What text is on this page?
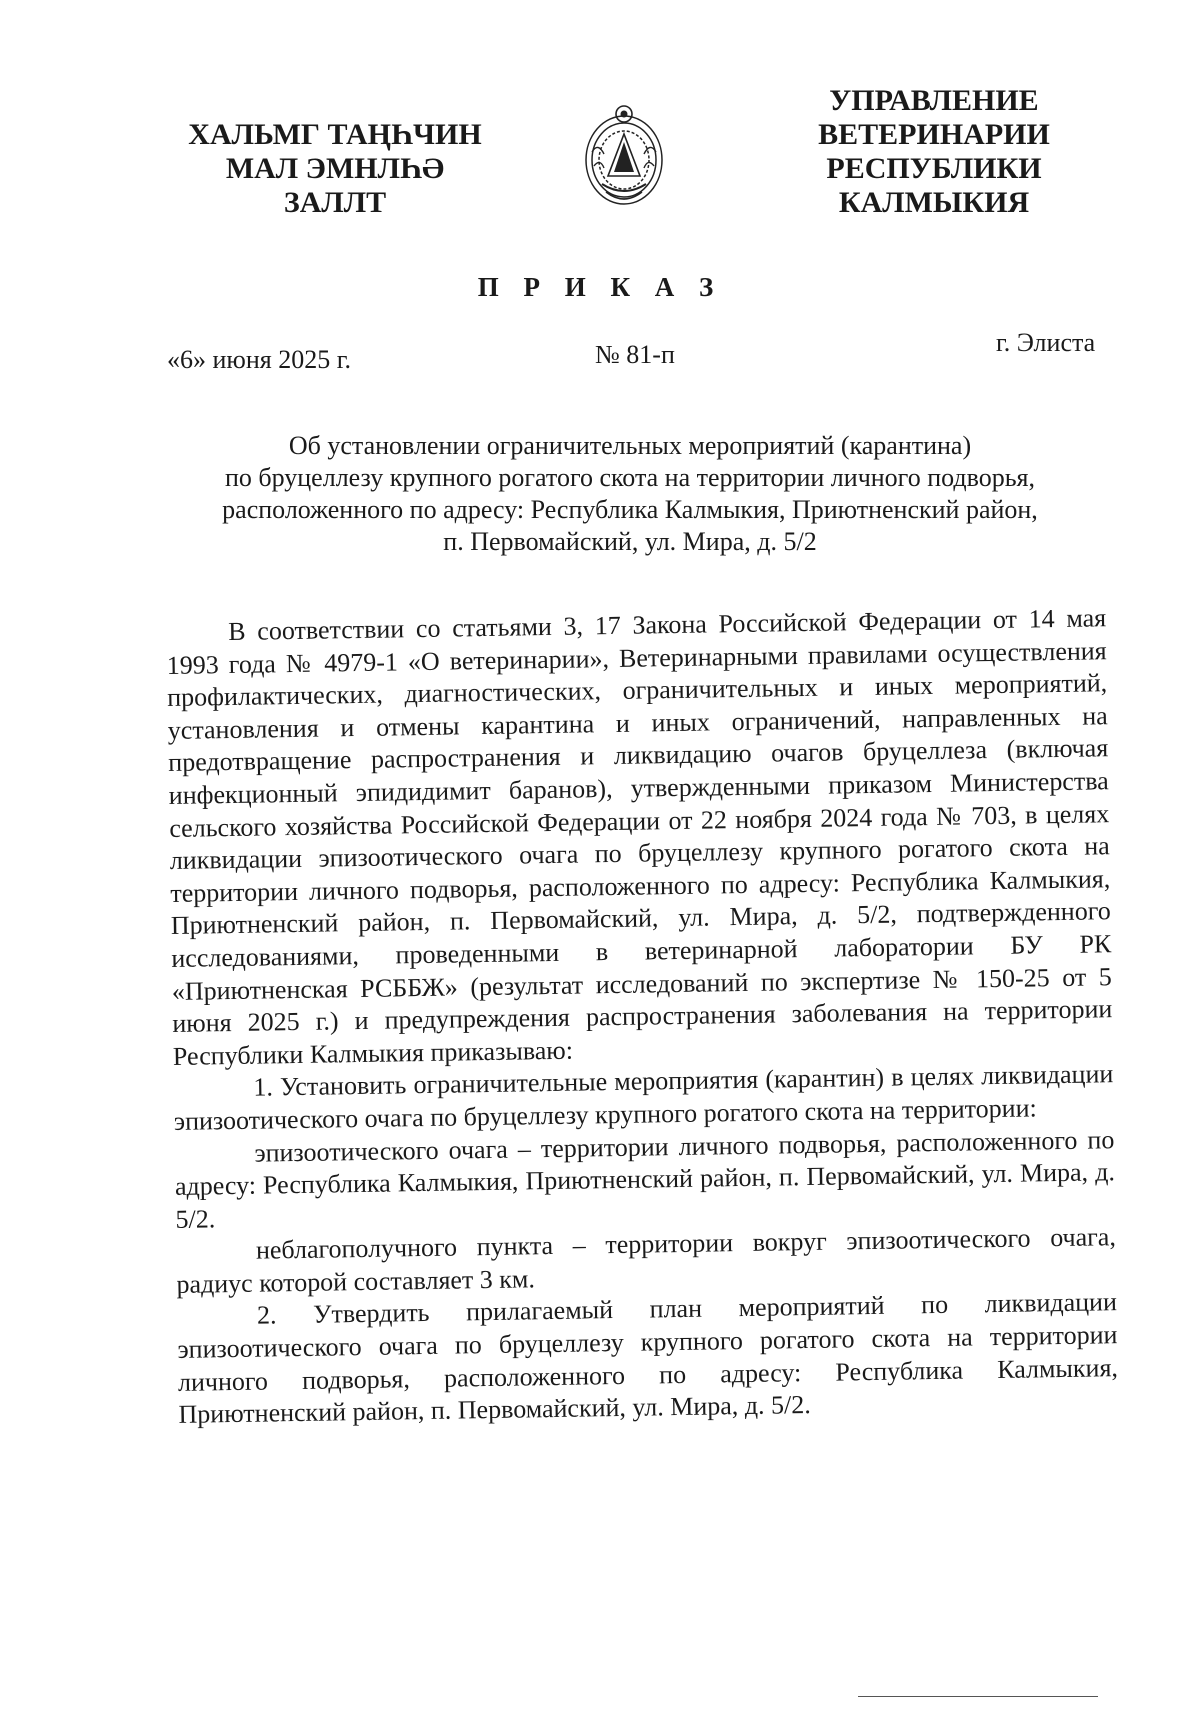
ХАЛЬМГ ТАҢҺЧИН
МАЛ ЭМНЛҺӘ
ЗАЛЛТ
УПРАВЛЕНИЕ
ВЕТЕРИНАРИИ
РЕСПУБЛИКИ
КАЛМЫКИЯ
П Р И К А З
«6» июня 2025 г.	№ 81-п	г. Элиста
Об установлении ограничительных мероприятий (карантина)
по бруцеллезу крупного рогатого скота на территории личного подворья,
расположенного по адресу: Республика Калмыкия, Приютненский район,
п. Первомайский, ул. Мира, д. 5/2

В соответствии со статьями 3, 17 Закона Российской Федерации от 14 мая 1993 года № 4979-1 «О ветеринарии», Ветеринарными правилами осуществления профилактических, диагностических, ограничительных и иных мероприятий, установления и отмены карантина и иных ограничений, направленных на предотвращение распространения и ликвидацию очагов бруцеллеза (включая инфекционный эпидидимит баранов), утвержденными приказом Министерства сельского хозяйства Российской Федерации от 22 ноября 2024 года № 703, в целях ликвидации эпизоотического очага по бруцеллезу крупного рогатого скота на территории личного подворья, расположенного по адресу: Республика Калмыкия, Приютненский район, п. Первомайский, ул. Мира, д. 5/2, подтвержденного исследованиями, проведенными в ветеринарной лаборатории БУ РК «Приютненская РСББЖ» (результат исследований по экспертизе № 150-25 от 5 июня 2025 г.) и предупреждения распространения заболевания на территории Республики Калмыкия приказываю:

1. Установить ограничительные мероприятия (карантин) в целях ликвидации эпизоотического очага по бруцеллезу крупного рогатого скота на территории:

эпизоотического очага – территории личного подворья, расположенного по адресу: Республика Калмыкия, Приютненский район, п. Первомайский, ул. Мира, д. 5/2.

неблагополучного пункта – территории вокруг эпизоотического очага, радиус которой составляет 3 км.

2. Утвердить прилагаемый план мероприятий по ликвидации эпизоотического очага по бруцеллезу крупного рогатого скота на территории личного подворья, расположенного по адресу: Республика Калмыкия, Приютненский район, п. Первомайский, ул. Мира, д. 5/2.
